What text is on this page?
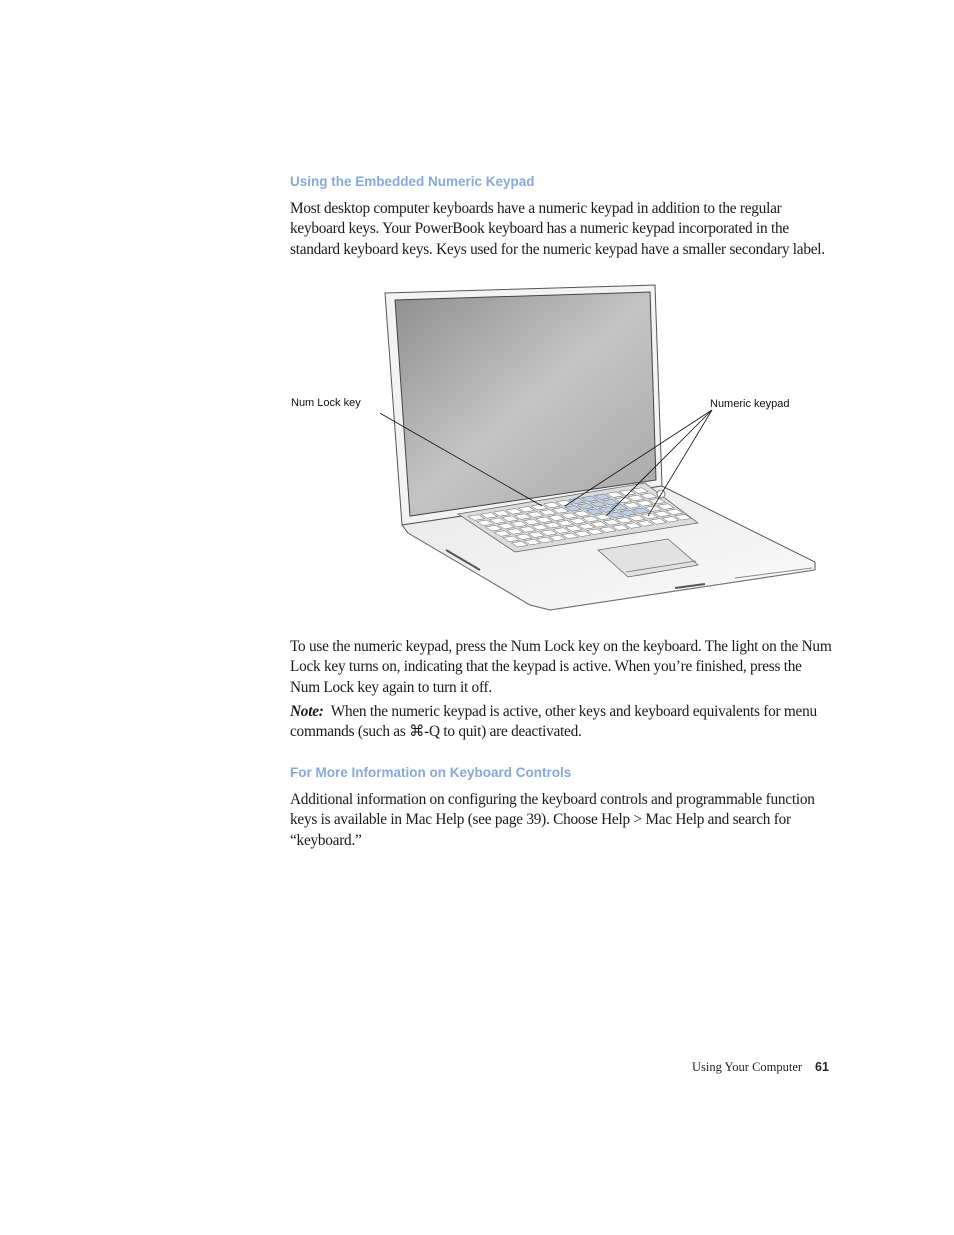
Using the Embedded Numeric Keypad

Most desktop computer keyboards have a numeric keypad in addition to the regular keyboard keys. Your PowerBook keyboard has a numeric keypad incorporated in the standard keyboard keys. Keys used for the numeric keypad have a smaller secondary label.

Num Lock key	Numeric keypad

To use the numeric keypad, press the Num Lock key on the keyboard. The light on the Num Lock key turns on, indicating that the keypad is active. When you’re finished, press the Num Lock key again to turn it off.

Note: When the numeric keypad is active, other keys and keyboard equivalents for menu commands (such as ⌘-Q to quit) are deactivated.

For More Information on Keyboard Controls

Additional information on configuring the keyboard controls and programmable function keys is available in Mac Help (see page 39). Choose Help > Mac Help and search for “keyboard.”

Using Your Computer 61
